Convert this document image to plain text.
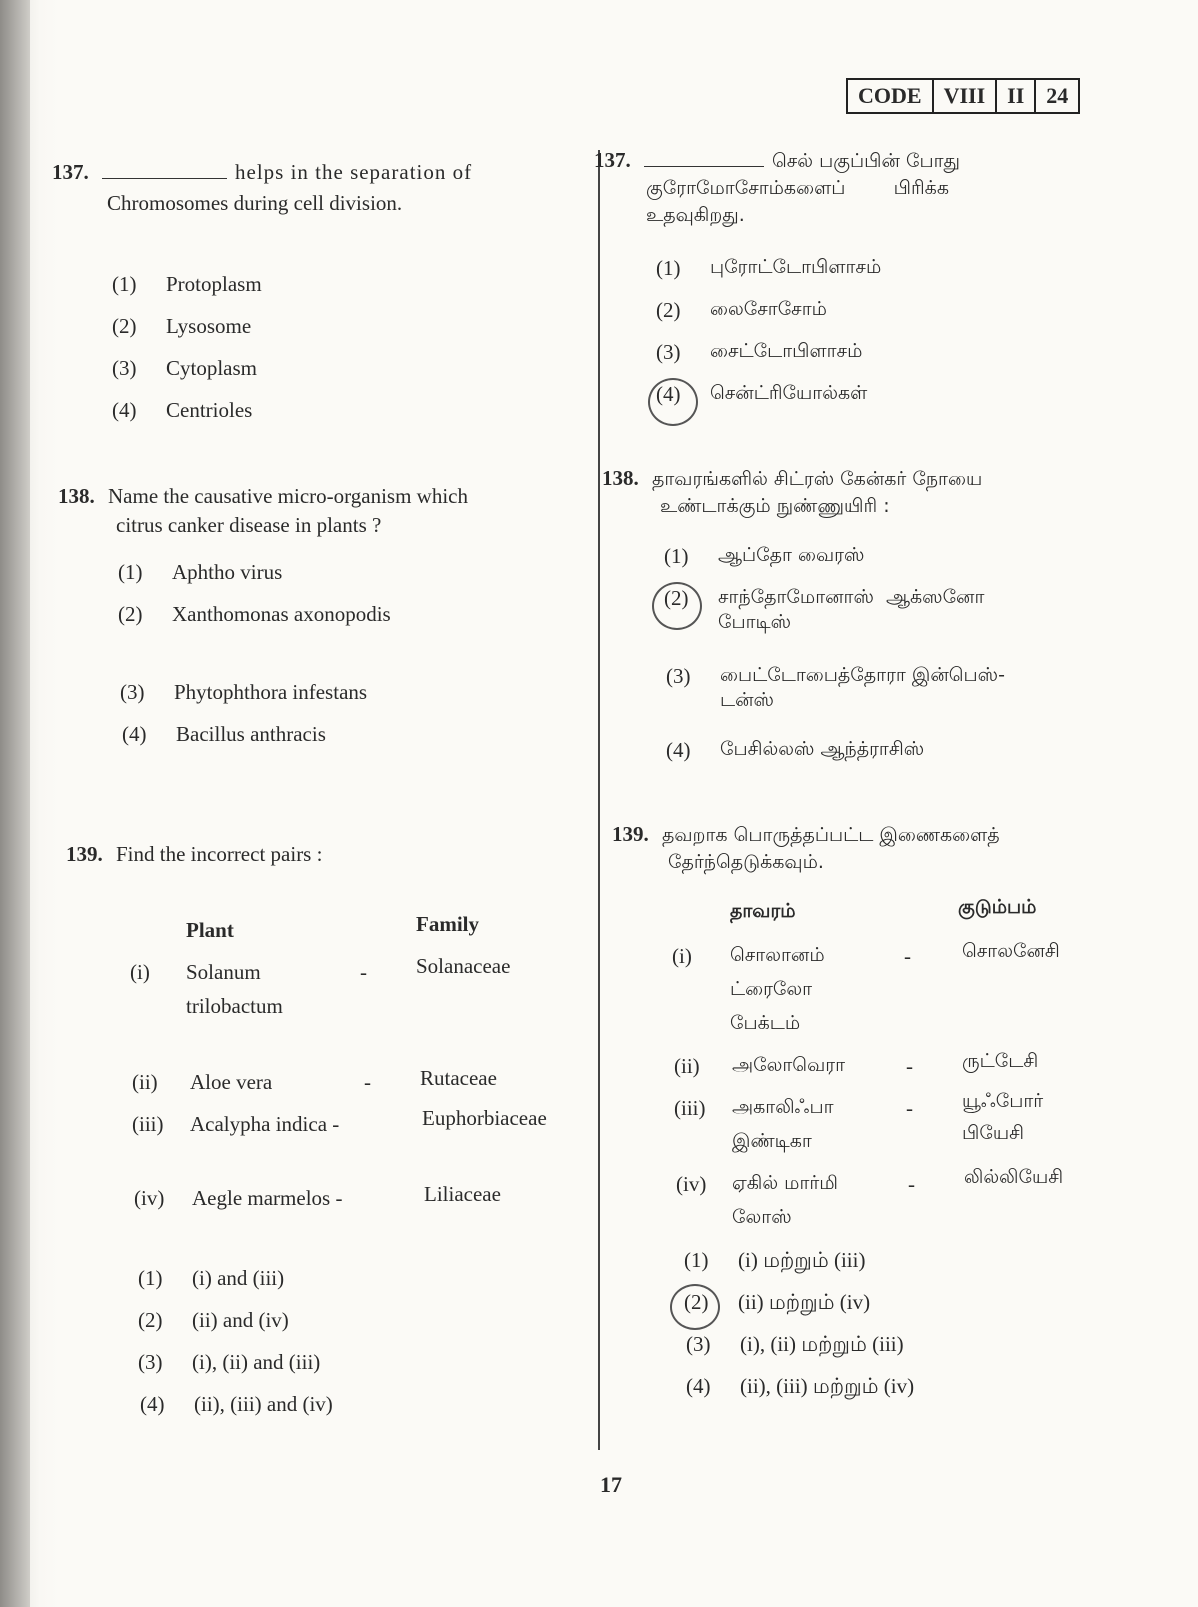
CODE	VIII	II	24
137.	helps in the separation of
Chromosomes during cell division.
(1)	Protoplasm
(2)	Lysosome
(3)	Cytoplasm
(4)	Centrioles
138. Name the causative micro-organism which
citrus canker disease in plants ?
(1)	Aphtho virus
(2)	Xanthomonas axonopodis
(3)	Phytophthora infestans
(4)	Bacillus anthracis
139. Find the incorrect pairs :
Plant	Family
(i) Solanum
trilobactum
- Solanaceae
(ii) Aloe vera	- Rutaceae
(iii) Acalypha indica -	Euphorbiaceae
(iv) Aegle marmelos -	Liliaceae
(1)	(i) and (iii)
(2)	(ii) and (iv)
(3)	(i), (ii) and (iii)
(4)	(ii), (iii) and (iv)
137.	செல் பகுப்பின் போது
குரோமோசோம்களைப்        பிரிக்க
உதவுகிறது.
(1)	புரோட்டோபிளாசம்
(2)	லைசோசோம்
(3)	சைட்டோபிளாசம்
(4)	சென்ட்ரியோல்கள்
138. தாவரங்களில் சிட்ரஸ் கேன்கர் நோயை
உண்டாக்கும் நுண்ணுயிரி :
(1)	ஆப்தோ வைரஸ்
(2)	சாந்தோமோனாஸ்  ஆக்ஸனோ
போடிஸ்
(3)	பைட்டோபைத்தோரா இன்பெஸ்-
டன்ஸ்
(4)	பேசில்லஸ் ஆந்த்ராசிஸ்
139. தவறாக பொருத்தப்பட்ட இணைகளைத்
தேர்ந்தெடுக்கவும்.
தாவரம்	குடும்பம்
(i) சொலானம்
ட்ரைலோ
பேக்டம்
-	சொலனேசி
(ii) அலோவெரா	-	ருட்டேசி
(iii) அகாலிஃபா
இண்டிகா
-	யூஃபோர்
பியேசி
(iv) ஏகில் மார்மி
லோஸ்
-	லில்லியேசி
(1)	(i) மற்றும் (iii)
(2)	(ii) மற்றும் (iv)
(3)	(i), (ii) மற்றும் (iii)
(4)	(ii), (iii) மற்றும் (iv)
17
